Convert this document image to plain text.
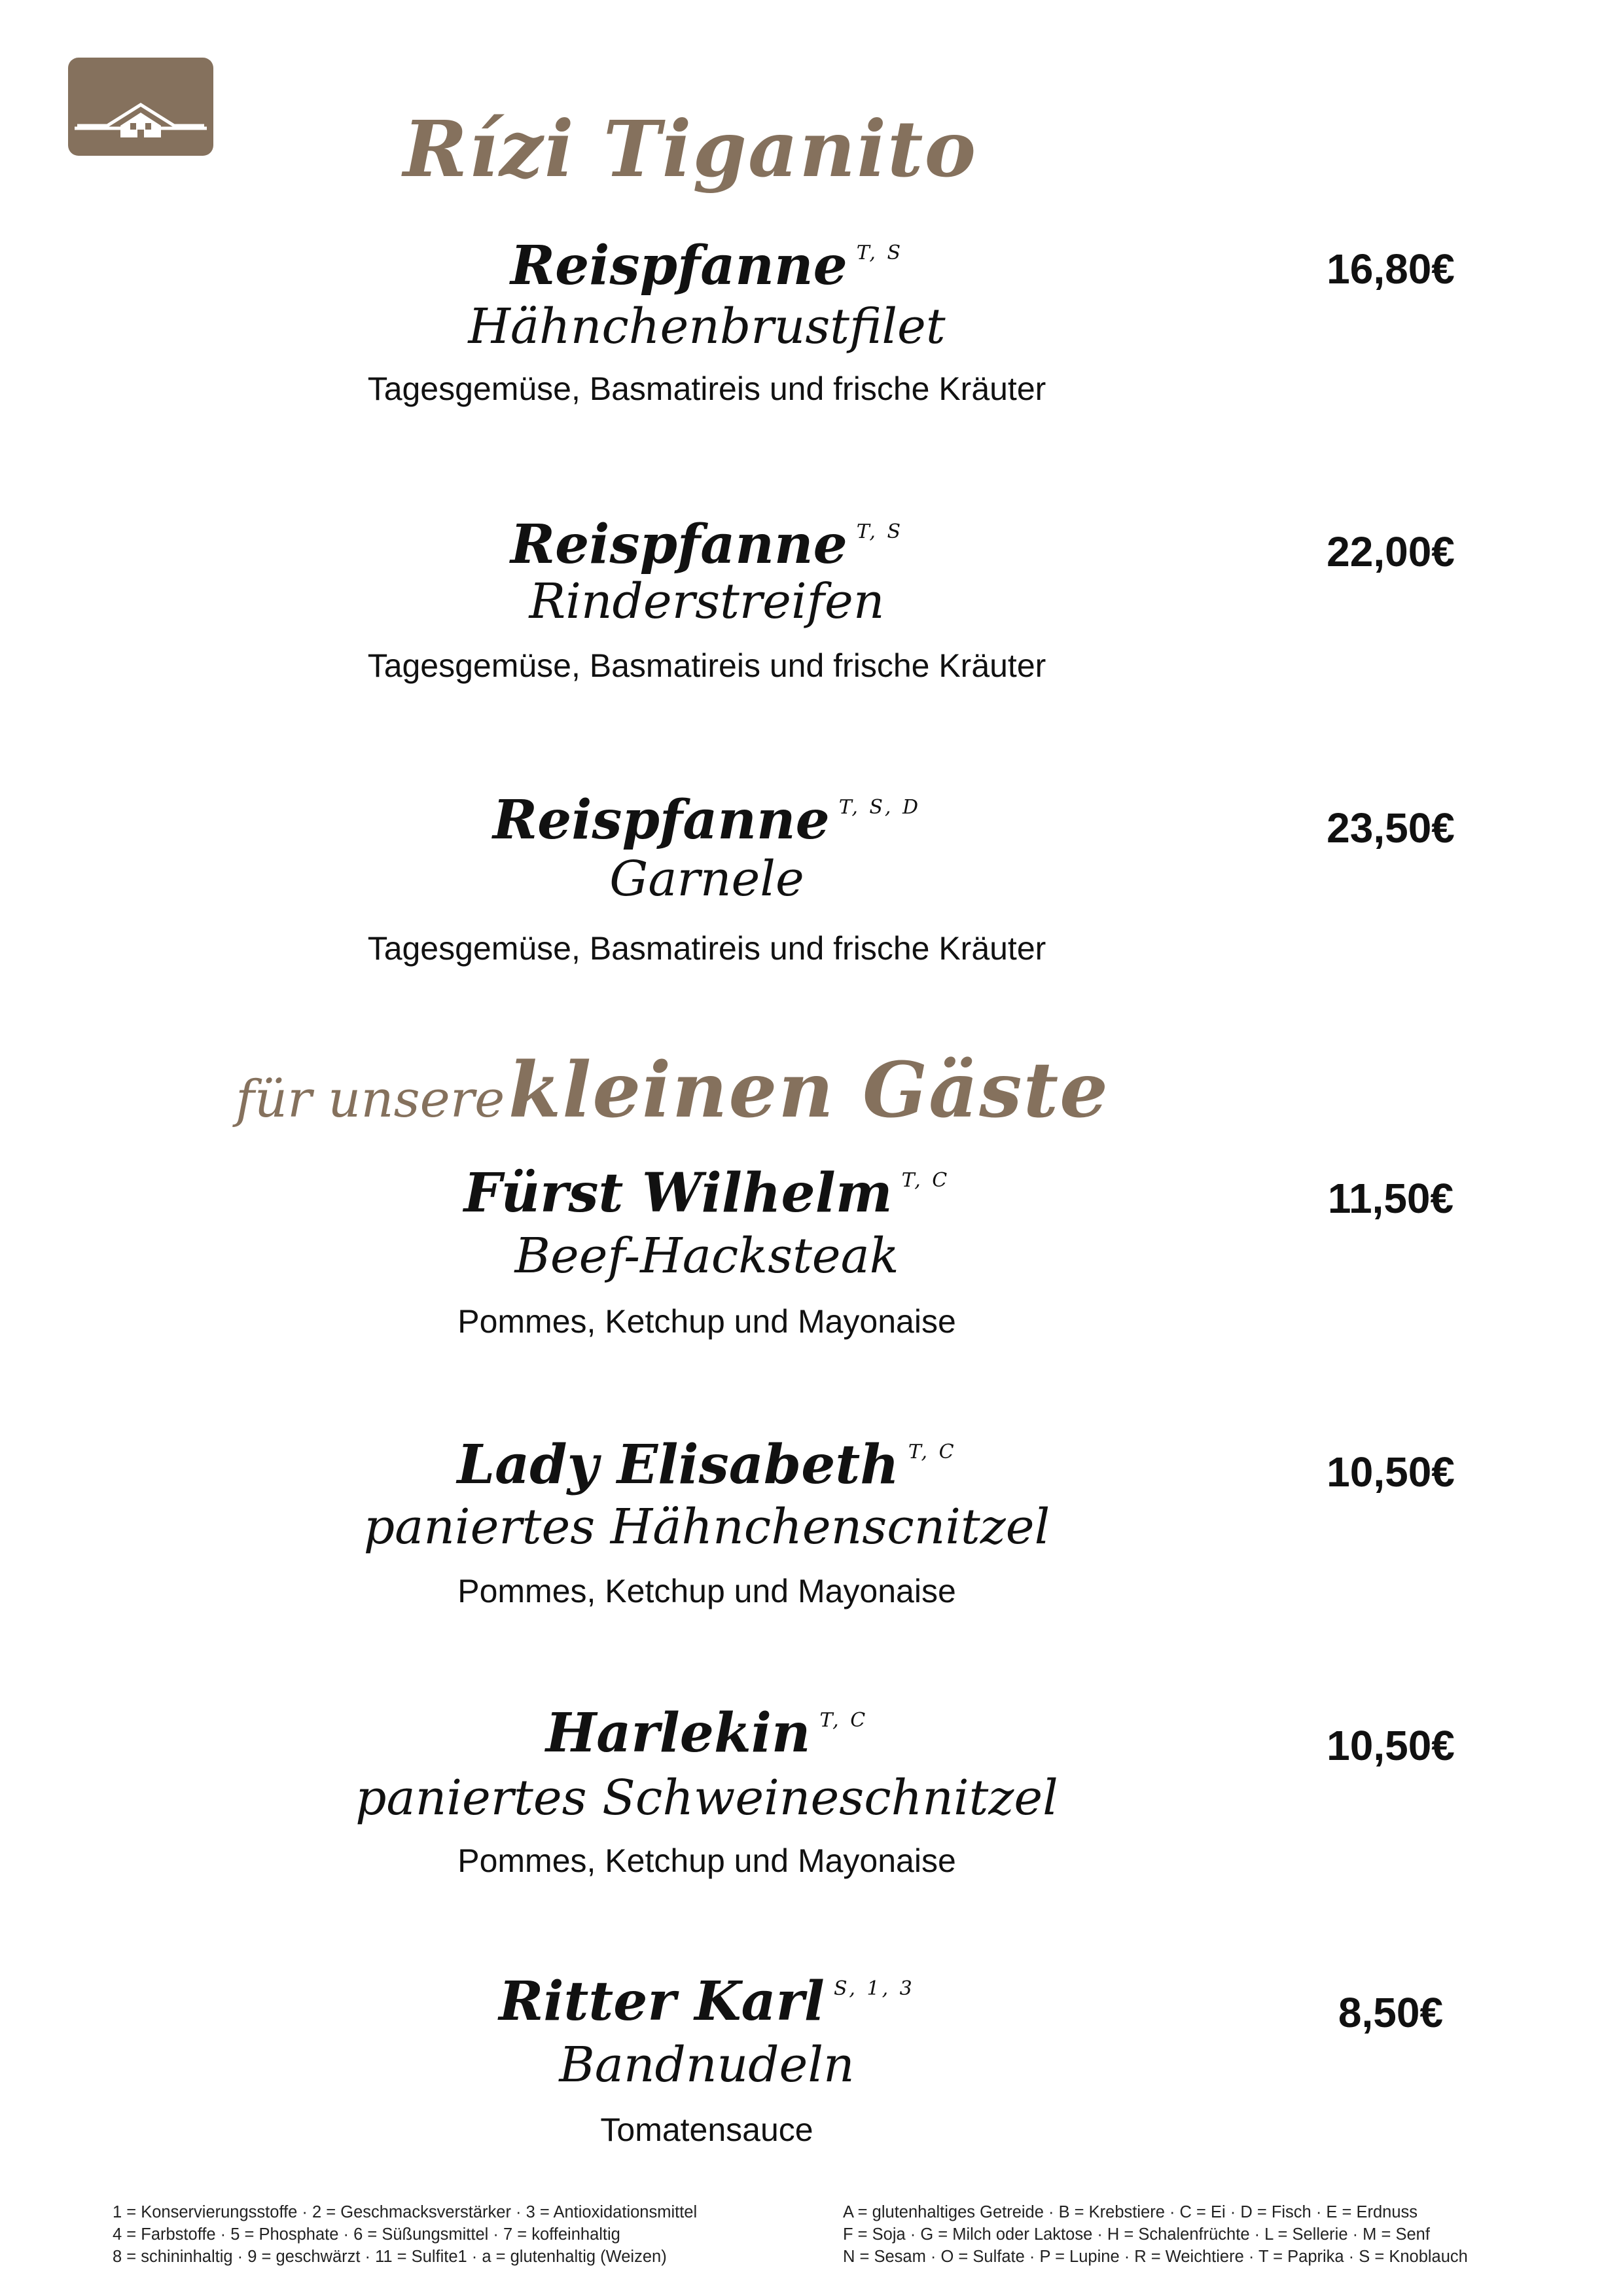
Rízi Tiganito
Reispfanne $^{T, S}$
Hähnchenbrustfilet
Tagesgemüse, Basmatireis und frische Kräuter
16,80€
Reispfanne $^{T, S}$
Rinderstreifen
Tagesgemüse, Basmatireis und frische Kräuter
22,00€
Reispfanne $^{T, S, D}$
Garnele
Tagesgemüse, Basmatireis und frische Kräuter
23,50€
für unsere kleinen Gäste
Fürst Wilhelm $^{T, C}$
Beef-Hacksteak
Pommes, Ketchup und Mayonaise
11,50€
Lady Elisabeth $^{T, C}$
paniertes Hähnchenscnitzel
Pommes, Ketchup und Mayonaise
10,50€
Harlekin $^{T, C}$
paniertes Schweineschnitzel
Pommes, Ketchup und Mayonaise
10,50€
Ritter Karl $^{S, 1, 3}$
Bandnudeln
Tomatensauce
8,50€
1 = Konservierungsstoffe · 2 = Geschmacksverstärker · 3 = Antioxidationsmittel
4 = Farbstoffe · 5 = Phosphate · 6 = Süßungsmittel · 7 = koffeinhaltig
8 = schininhaltig · 9 = geschwärzt · 11 = Sulfite1 · a = glutenhaltig (Weizen)
A = glutenhaltiges Getreide · B = Krebstiere · C = Ei · D = Fisch · E = Erdnuss
F = Soja · G = Milch oder Laktose · H = Schalenfrüchte · L = Sellerie · M = Senf
N = Sesam · O = Sulfate · P = Lupine · R = Weichtiere · T = Paprika · S = Knoblauch
